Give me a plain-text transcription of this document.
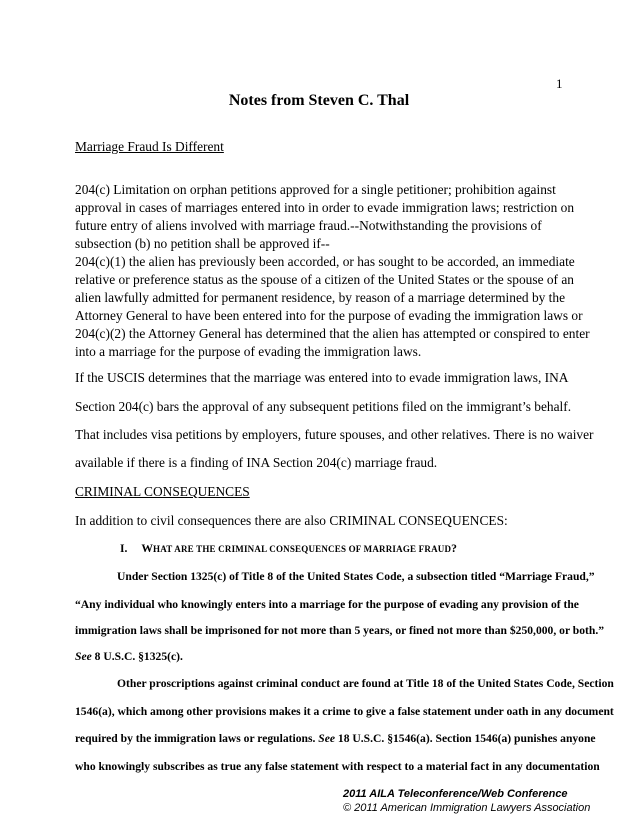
1
Notes from Steven C. Thal
Marriage Fraud Is Different
204(c) Limitation on orphan petitions approved for a single petitioner; prohibition against
approval in cases of marriages entered into in order to evade immigration laws; restriction on
future entry of aliens involved with marriage fraud.--Notwithstanding the provisions of
subsection (b) no petition shall be approved if--
204(c)(1) the alien has previously been accorded, or has sought to be accorded, an immediate
relative or preference status as the spouse of a citizen of the United States or the spouse of an
alien lawfully admitted for permanent residence, by reason of a marriage determined by the
Attorney General to have been entered into for the purpose of evading the immigration laws or
204(c)(2) the Attorney General has determined that the alien has attempted or conspired to enter
into a marriage for the purpose of evading the immigration laws.
If the USCIS determines that the marriage was entered into to evade immigration laws, INA
Section 204(c) bars the approval of any subsequent petitions filed on the immigrant’s behalf.
That includes visa petitions by employers, future spouses, and other relatives. There is no waiver
available if there is a finding of INA Section 204(c) marriage fraud.
CRIMINAL CONSEQUENCES
In addition to civil consequences there are also CRIMINAL CONSEQUENCES:
I. WHAT ARE THE CRIMINAL CONSEQUENCES OF MARRIAGE FRAUD?
Under Section 1325(c) of Title 8 of the United States Code, a subsection titled “Marriage Fraud,”
“Any individual who knowingly enters into a marriage for the purpose of evading any provision of the
immigration laws shall be imprisoned for not more than 5 years, or fined not more than $250,000, or both.”
See 8 U.S.C. §1325(c).
Other proscriptions against criminal conduct are found at Title 18 of the United States Code, Section
1546(a), which among other provisions makes it a crime to give a false statement under oath in any document
required by the immigration laws or regulations. See 18 U.S.C. §1546(a). Section 1546(a) punishes anyone
who knowingly subscribes as true any false statement with respect to a material fact in any documentation
2011 AILA Teleconference/Web Conference
© 2011 American Immigration Lawyers Association
